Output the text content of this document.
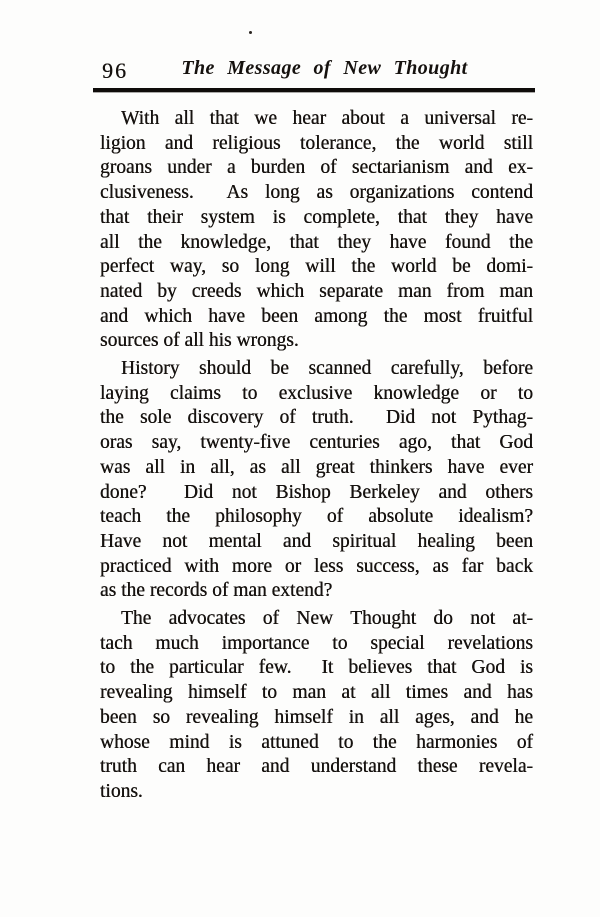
96	The Message of New Thought
With all that we hear about a universal re-
ligion and religious tolerance, the world still
groans under a burden of sectarianism and ex-
clusiveness.  As long as organizations contend
that their system is complete, that they have
all the knowledge, that they have found the
perfect way, so long will the world be domi-
nated by creeds which separate man from man
and which have been among the most fruitful
sources of all his wrongs.
History should be scanned carefully, before
laying claims to exclusive knowledge or to
the sole discovery of truth.  Did not Pythag-
oras say, twenty-five centuries ago, that God
was all in all, as all great thinkers have ever
done?  Did not Bishop Berkeley and others
teach the philosophy of absolute idealism?
Have not mental and spiritual healing been
practiced with more or less success, as far back
as the records of man extend?
The advocates of New Thought do not at-
tach much importance to special revelations
to the particular few.  It believes that God is
revealing himself to man at all times and has
been so revealing himself in all ages, and he
whose mind is attuned to the harmonies of
truth can hear and understand these revela-
tions.
